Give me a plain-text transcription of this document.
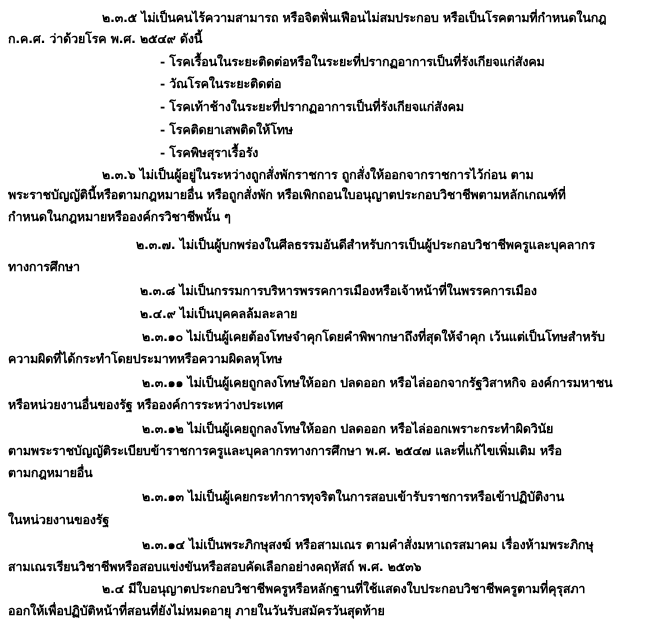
๒.๓.๕ ไม่เป็นคนไร้ความสามารถ หรือจิตฟั่นเฟือนไม่สมประกอบ หรือเป็นโรคตามที่กำหนดในกฎ
ก.ค.ศ. ว่าด้วยโรค พ.ศ. ๒๕๔๙ ดังนี้
- โรคเรื้อนในระยะติดต่อหรือในระยะที่ปรากฏอาการเป็นที่รังเกียจแก่สังคม
- วัณโรคในระยะติดต่อ
- โรคเท้าช้างในระยะที่ปรากฏอาการเป็นที่รังเกียจแก่สังคม
- โรคติดยาเสพติดให้โทษ
- โรคพิษสุราเรื้อรัง
๒.๓.๖ ไม่เป็นผู้อยู่ในระหว่างถูกสั่งพักราชการ ถูกสั่งให้ออกจากราชการไว้ก่อน ตาม
พระราชบัญญัตินี้หรือตามกฎหมายอื่น หรือถูกสั่งพัก หรือเพิกถอนใบอนุญาตประกอบวิชาชีพตามหลักเกณฑ์ที่
กำหนดในกฎหมายหรือองค์กรวิชาชีพนั้น ๆ
๒.๓.๗. ไม่เป็นผู้บกพร่องในศีลธรรมอันดีสำหรับการเป็นผู้ประกอบวิชาชีพครูและบุคลากร
ทางการศึกษา
๒.๓.๘ ไม่เป็นกรรมการบริหารพรรคการเมืองหรือเจ้าหน้าที่ในพรรคการเมือง
๒.๔.๙ ไม่เป็นบุคคลล้มละลาย
๒.๓.๑๐ ไม่เป็นผู้เคยต้องโทษจำคุกโดยคำพิพากษาถึงที่สุดให้จำคุก เว้นแต่เป็นโทษสำหรับ
ความผิดที่ได้กระทำโดยประมาทหรือความผิดลหุโทษ
๒.๓.๑๑ ไม่เป็นผู้เคยถูกลงโทษให้ออก ปลดออก หรือไล่ออกจากรัฐวิสาหกิจ องค์การมหาชน
หรือหน่วยงานอื่นของรัฐ หรือองค์การระหว่างประเทศ
๒.๓.๑๒ ไม่เป็นผู้เคยถูกลงโทษให้ออก ปลดออก หรือไล่ออกเพราะกระทำผิดวินัย
ตามพระราชบัญญัติระเบียบข้าราชการครูและบุคลากรทางการศึกษา พ.ศ. ๒๕๔๗ และที่แก้ไขเพิ่มเติม หรือ
ตามกฎหมายอื่น
๒.๓.๑๓ ไม่เป็นผู้เคยกระทำการทุจริตในการสอบเข้ารับราชการหรือเข้าปฏิบัติงาน
ในหน่วยงานของรัฐ
๒.๓.๑๔ ไม่เป็นพระภิกษุสงฆ์ หรือสามเณร ตามคำสั่งมหาเถรสมาคม เรื่องห้ามพระภิกษุ
สามเณรเรียนวิชาชีพหรือสอบแข่งขันหรือสอบคัดเลือกอย่างคฤหัสถ์ พ.ศ. ๒๕๓๖
๒.๔ มีใบอนุญาตประกอบวิชาชีพครูหรือหลักฐานที่ใช้แสดงใบประกอบวิชาชีพครูตามที่คุรุสภา
ออกให้เพื่อปฏิบัติหน้าที่สอนที่ยังไม่หมดอายุ ภายในวันรับสมัครวันสุดท้าย
